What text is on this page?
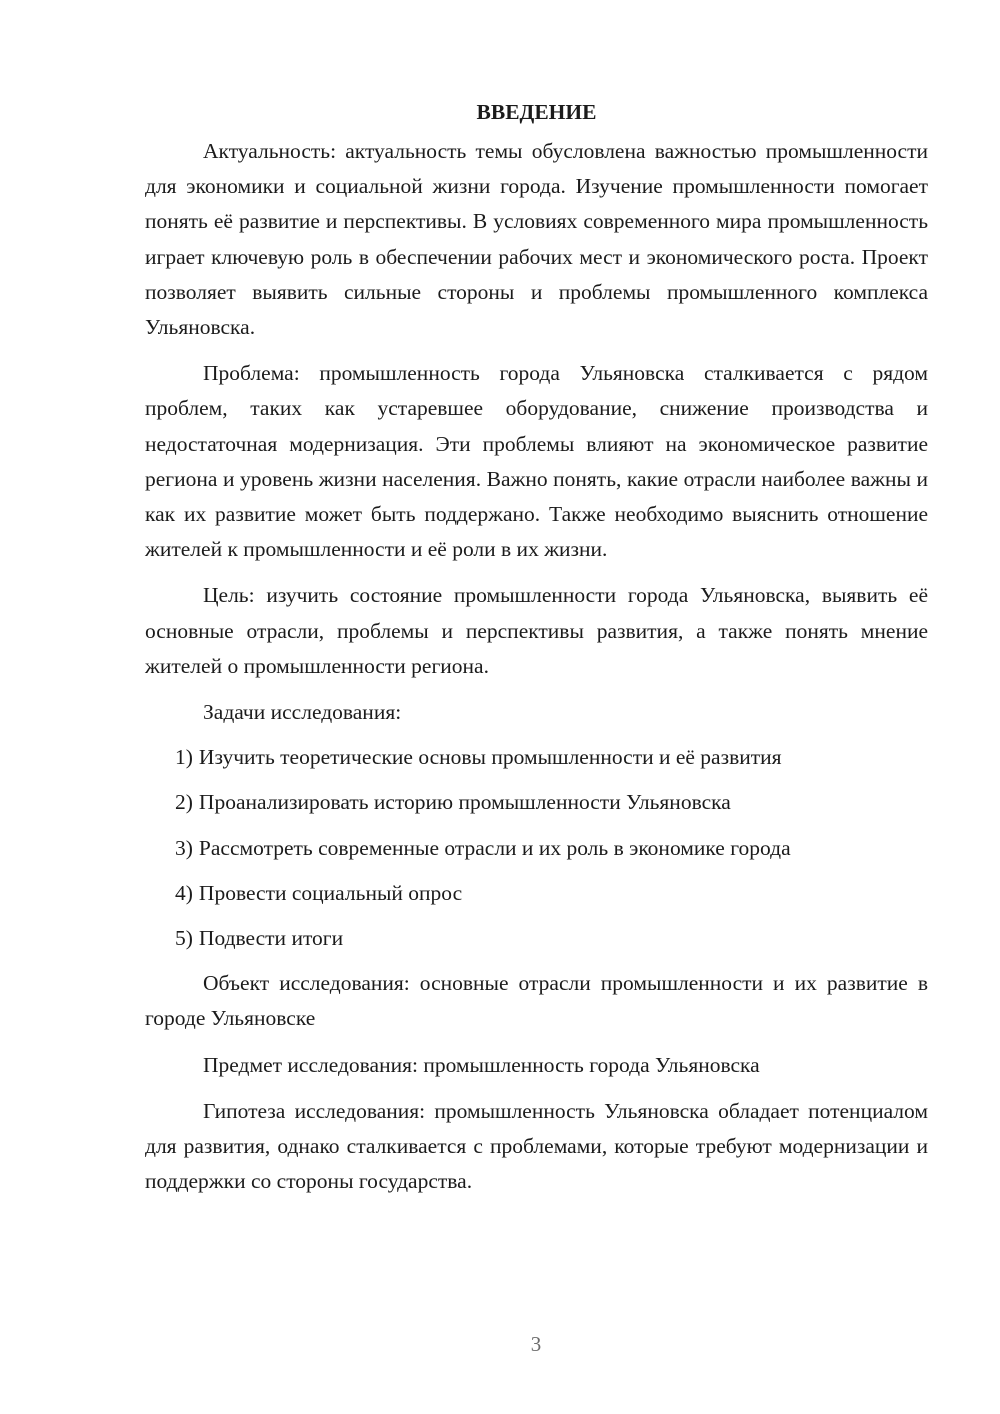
ВВЕДЕНИЕ

Актуальность: актуальность темы обусловлена важностью промышленности для экономики и социальной жизни города. Изучение промышленности помогает понять её развитие и перспективы. В условиях современного мира промышленность играет ключевую роль в обеспечении рабочих мест и экономического роста. Проект позволяет выявить сильные стороны и проблемы промышленного комплекса Ульяновска.

Проблема: промышленность города Ульяновска сталкивается с рядом проблем, таких как устаревшее оборудование, снижение производства и недостаточная модернизация. Эти проблемы влияют на экономическое развитие региона и уровень жизни населения. Важно понять, какие отрасли наиболее важны и как их развитие может быть поддержано. Также необходимо выяснить отношение жителей к промышленности и её роли в их жизни.

Цель: изучить состояние промышленности города Ульяновска, выявить её основные отрасли, проблемы и перспективы развития, а также понять мнение жителей о промышленности региона.

Задачи исследования:

1) Изучить теоретические основы промышленности и её развития
2) Проанализировать историю промышленности Ульяновска
3) Рассмотреть современные отрасли и их роль в экономике города
4) Провести социальный опрос
5) Подвести итоги

Объект исследования: основные отрасли промышленности и их развитие в городе Ульяновске

Предмет исследования: промышленность города Ульяновска

Гипотеза исследования: промышленность Ульяновска обладает потенциалом для развития, однако сталкивается с проблемами, которые требуют модернизации и поддержки со стороны государства.

3
